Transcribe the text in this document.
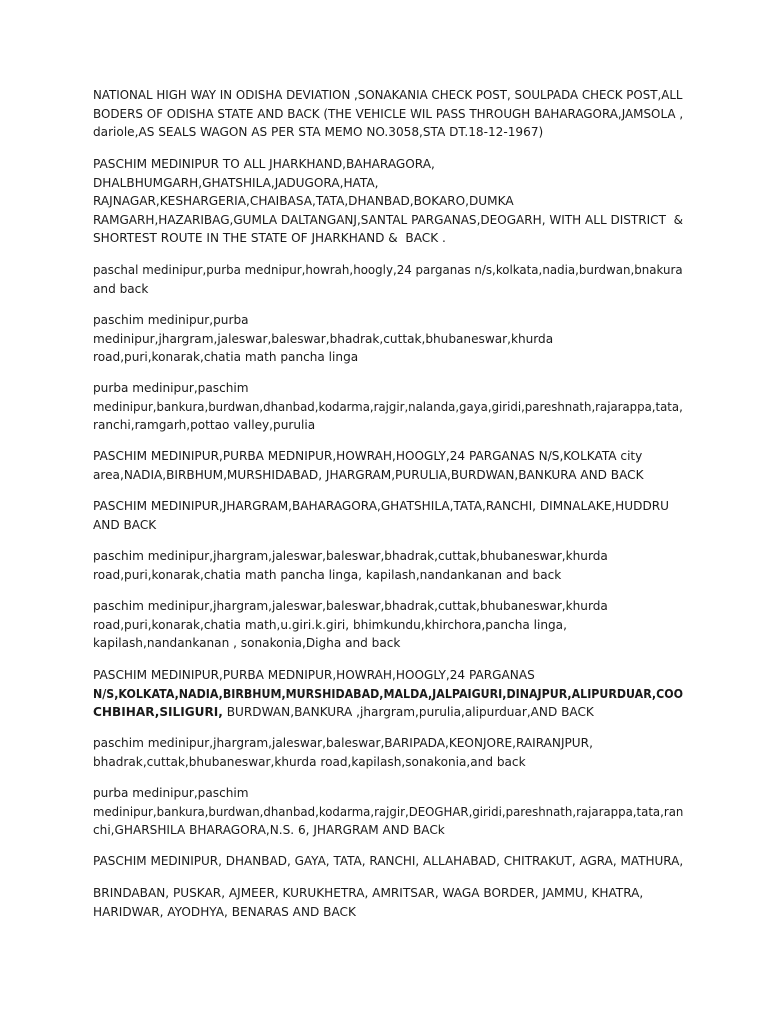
NATIONAL HIGH WAY IN ODISHA DEVIATION ,SONAKANIA CHECK POST, SOULPADA CHECK POST,ALL
BODERS OF ODISHA STATE AND BACK (THE VEHICLE WIL PASS THROUGH BAHARAGORA,JAMSOLA ,
dariole,AS SEALS WAGON AS PER STA MEMO NO.3058,STA DT.18-12-1967)

PASCHIM MEDINIPUR TO ALL JHARKHAND,BAHARAGORA,
DHALBHUMGARH,GHATSHILA,JADUGORA,HATA,
RAJNAGAR,KESHARGERIA,CHAIBASA,TATA,DHANBAD,BOKARO,DUMKA
RAMGARH,HAZARIBAG,GUMLA DALTANGANJ,SANTAL PARGANAS,DEOGARH, WITH ALL DISTRICT  &
SHORTEST ROUTE IN THE STATE OF JHARKHAND &  BACK .

paschal medinipur,purba mednipur,howrah,hoogly,24 parganas n/s,kolkata,nadia,burdwan,bnakura
and back

paschim medinipur,purba
medinipur,jhargram,jaleswar,baleswar,bhadrak,cuttak,bhubaneswar,khurda
road,puri,konarak,chatia math pancha linga

purba medinipur,paschim
medinipur,bankura,burdwan,dhanbad,kodarma,rajgir,nalanda,gaya,giridi,pareshnath,rajarappa,tata,
ranchi,ramgarh,pottao valley,purulia

PASCHIM MEDINIPUR,PURBA MEDNIPUR,HOWRAH,HOOGLY,24 PARGANAS N/S,KOLKATA city
area,NADIA,BIRBHUM,MURSHIDABAD, JHARGRAM,PURULIA,BURDWAN,BANKURA AND BACK

PASCHIM MEDINIPUR,JHARGRAM,BAHARAGORA,GHATSHILA,TATA,RANCHI, DIMNALAKE,HUDDRU
AND BACK

paschim medinipur,jhargram,jaleswar,baleswar,bhadrak,cuttak,bhubaneswar,khurda
road,puri,konarak,chatia math pancha linga, kapilash,nandankanan and back

paschim medinipur,jhargram,jaleswar,baleswar,bhadrak,cuttak,bhubaneswar,khurda
road,puri,konarak,chatia math,u.giri.k.giri, bhimkundu,khirchora,pancha linga,
kapilash,nandankanan , sonakonia,Digha and back

PASCHIM MEDINIPUR,PURBA MEDNIPUR,HOWRAH,HOOGLY,24 PARGANAS
N/S,KOLKATA,NADIA,BIRBHUM,MURSHIDABAD,MALDA,JALPAIGURI,DINAJPUR,ALIPURDUAR,COO
CHBIHAR,SILIGURI, BURDWAN,BANKURA ,jhargram,purulia,alipurduar,AND BACK

paschim medinipur,jhargram,jaleswar,baleswar,BARIPADA,KEONJORE,RAIRANJPUR,
bhadrak,cuttak,bhubaneswar,khurda road,kapilash,sonakonia,and back

purba medinipur,paschim
medinipur,bankura,burdwan,dhanbad,kodarma,rajgir,DEOGHAR,giridi,pareshnath,rajarappa,tata,ran
chi,GHARSHILA BHARAGORA,N.S. 6, JHARGRAM AND BACk

PASCHIM MEDINIPUR, DHANBAD, GAYA, TATA, RANCHI, ALLAHABAD, CHITRAKUT, AGRA, MATHURA,

BRINDABAN, PUSKAR, AJMEER, KURUKHETRA, AMRITSAR, WAGA BORDER, JAMMU, KHATRA,
HARIDWAR, AYODHYA, BENARAS AND BACK
